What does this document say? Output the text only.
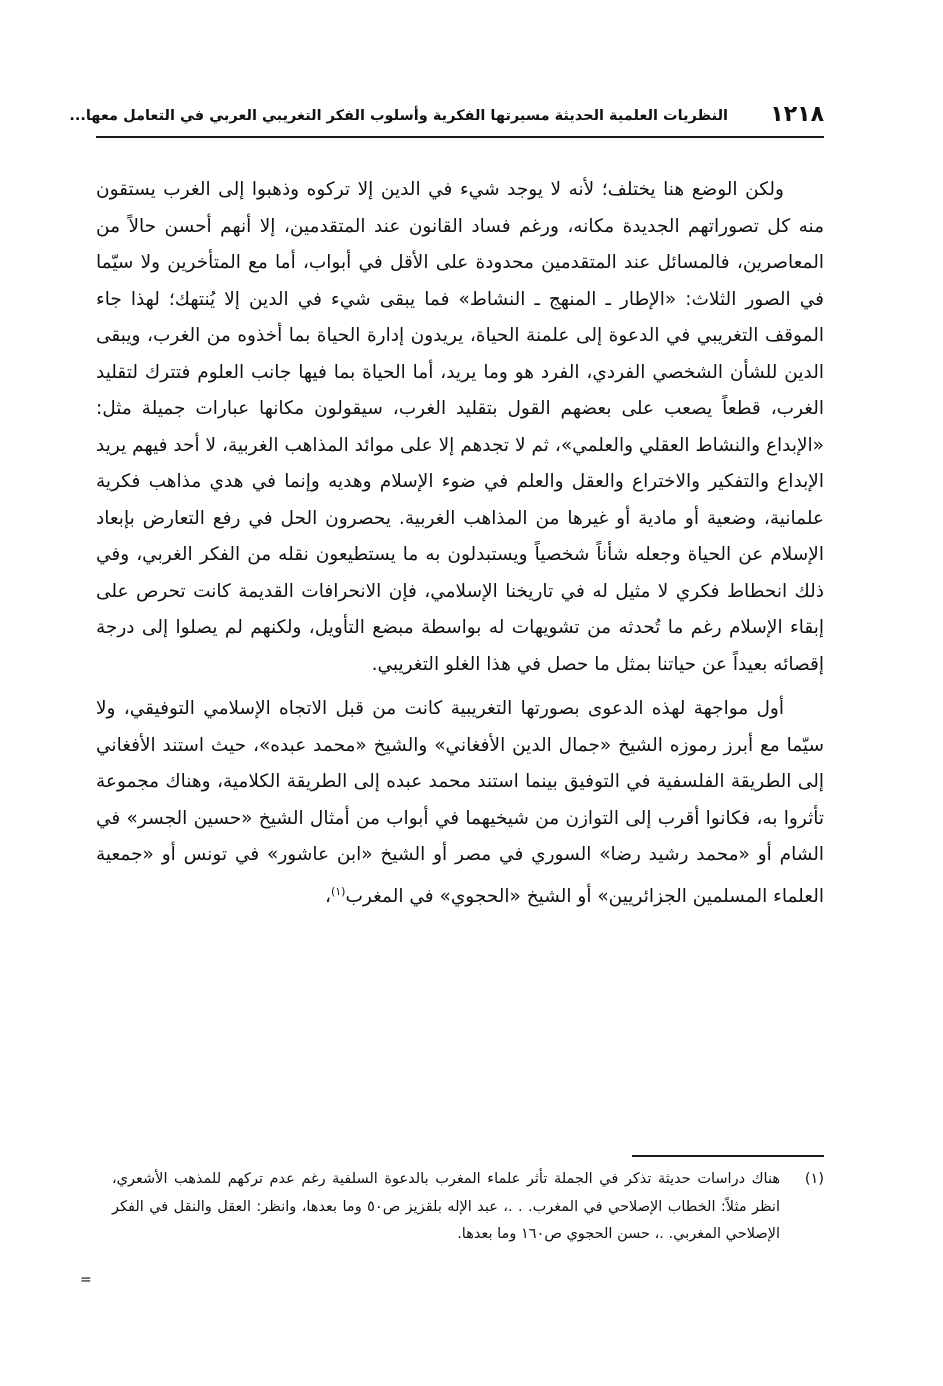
١٢١٨
النظريات العلمية الحديثة مسيرتها الفكرية وأسلوب الفكر التغريبي العربي في التعامل معها...

ولكن الوضع هنا يختلف؛ لأنه لا يوجد شيء في الدين إلا تركوه وذهبوا إلى الغرب يستقون منه كل تصوراتهم الجديدة مكانه، ورغم فساد القانون عند المتقدمين، إلا أنهم أحسن حالاً من المعاصرين، فالمسائل عند المتقدمين محدودة على الأقل في أبواب، أما مع المتأخرين ولا سيّما في الصور الثلاث: «الإطار ـ المنهج ـ النشاط» فما يبقى شيء في الدين إلا يُنتهك؛ لهذا جاء الموقف التغريبي في الدعوة إلى علمنة الحياة، يريدون إدارة الحياة بما أخذوه من الغرب، ويبقى الدين للشأن الشخصي الفردي، الفرد هو وما يريد، أما الحياة بما فيها جانب العلوم فتترك لتقليد الغرب، قطعاً يصعب على بعضهم القول بتقليد الغرب، سيقولون مكانها عبارات جميلة مثل: «الإبداع والنشاط العقلي والعلمي»، ثم لا تجدهم إلا على موائد المذاهب الغربية، لا أحد فيهم يريد الإبداع والتفكير والاختراع والعقل والعلم في ضوء الإسلام وهديه وإنما في هدي مذاهب فكرية علمانية، وضعية أو مادية أو غيرها من المذاهب الغربية. يحصرون الحل في رفع التعارض بإبعاد الإسلام عن الحياة وجعله شأناً شخصياً ويستبدلون به ما يستطيعون نقله من الفكر الغربي، وفي ذلك انحطاط فكري لا مثيل له في تاريخنا الإسلامي، فإن الانحرافات القديمة كانت تحرص على إبقاء الإسلام رغم ما تُحدثه من تشويهات له بواسطة مبضع التأويل، ولكنهم لم يصلوا إلى درجة إقصائه بعيداً عن حياتنا بمثل ما حصل في هذا الغلو التغريبي.

أول مواجهة لهذه الدعوى بصورتها التغريبية كانت من قبل الاتجاه الإسلامي التوفيقي، ولا سيّما مع أبرز رموزه الشيخ «جمال الدين الأفغاني» والشيخ «محمد عبده»، حيث استند الأفغاني إلى الطريقة الفلسفية في التوفيق بينما استند محمد عبده إلى الطريقة الكلامية، وهناك مجموعة تأثروا به، فكانوا أقرب إلى التوازن من شيخيهما في أبواب من أمثال الشيخ «حسين الجسر» في الشام أو «محمد رشيد رضا» السوري في مصر أو الشيخ «ابن عاشور» في تونس أو «جمعية العلماء المسلمين الجزائريين» أو الشيخ «الحجوي» في المغرب$^{(١)}$،

(١)
هناك دراسات حديثة تذكر في الجملة تأثر علماء المغرب بالدعوة السلفية رغم عدم تركهم للمذهب الأشعري، انظر مثلاً: الخطاب الإصلاحي في المغرب. . .، عبد الإله بلقزيز ص٥٠ وما بعدها، وانظر: العقل والنقل في الفكر الإصلاحي المغربي. .، حسن الحجوي ص١٦٠ وما بعدها.
=
